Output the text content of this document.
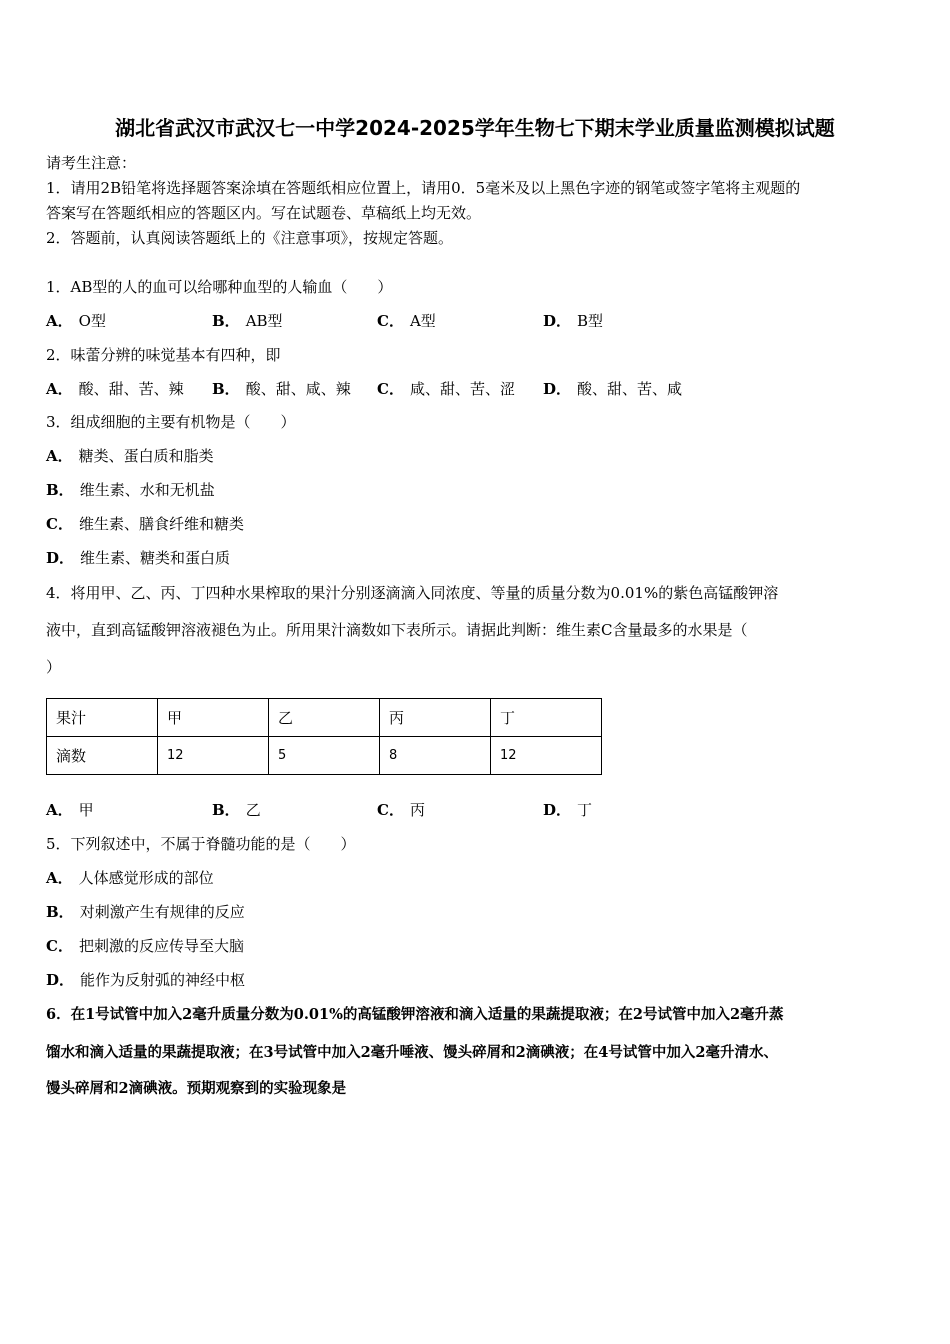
湖北省武汉市武汉七一中学2024-2025学年生物七下期末学业质量监测模拟试题
请考生注意：
1．请用2B铅笔将选择题答案涂填在答题纸相应位置上，请用0．5毫米及以上黑色字迹的钢笔或签字笔将主观题的
答案写在答题纸相应的答题区内。写在试题卷、草稿纸上均无效。
2．答题前，认真阅读答题纸上的《注意事项》，按规定答题。
1．AB型的人的血可以给哪种血型的人输血（　　）
A． O型	B． AB型	C． A型	D． B型
2．味蕾分辨的味觉基本有四种，即
A． 酸、甜、苦、辣 B． 酸、甜、咸、辣 C． 咸、甜、苦、涩 D． 酸、甜、苦、咸
3．组成细胞的主要有机物是（　　）
A． 糖类、蛋白质和脂类
B． 维生素、水和无机盐
C． 维生素、膳食纤维和糖类
D． 维生素、糖类和蛋白质
4．将用甲、乙、丙、丁四种水果榨取的果汁分别逐滴滴入同浓度、等量的质量分数为0.01%的紫色高锰酸钾溶
液中，直到高锰酸钾溶液褪色为止。所用果汁滴数如下表所示。请据此判断：维生素C含量最多的水果是（
）
果汁	甲	乙	丙	丁
滴数	12	5	8	12
A． 甲	B． 乙	C． 丙	D． 丁
5．下列叙述中，不属于脊髓功能的是（　　）
A． 人体感觉形成的部位
B． 对刺激产生有规律的反应
C． 把刺激的反应传导至大脑
D． 能作为反射弧的神经中枢
6．在1号试管中加入2毫升质量分数为0.01%的高锰酸钾溶液和滴入适量的果蔬提取液；在2号试管中加入2毫升蒸
馏水和滴入适量的果蔬提取液；在3号试管中加入2毫升唾液、馒头碎屑和2滴碘液；在4号试管中加入2毫升清水、
馒头碎屑和2滴碘液。预期观察到的实验现象是
